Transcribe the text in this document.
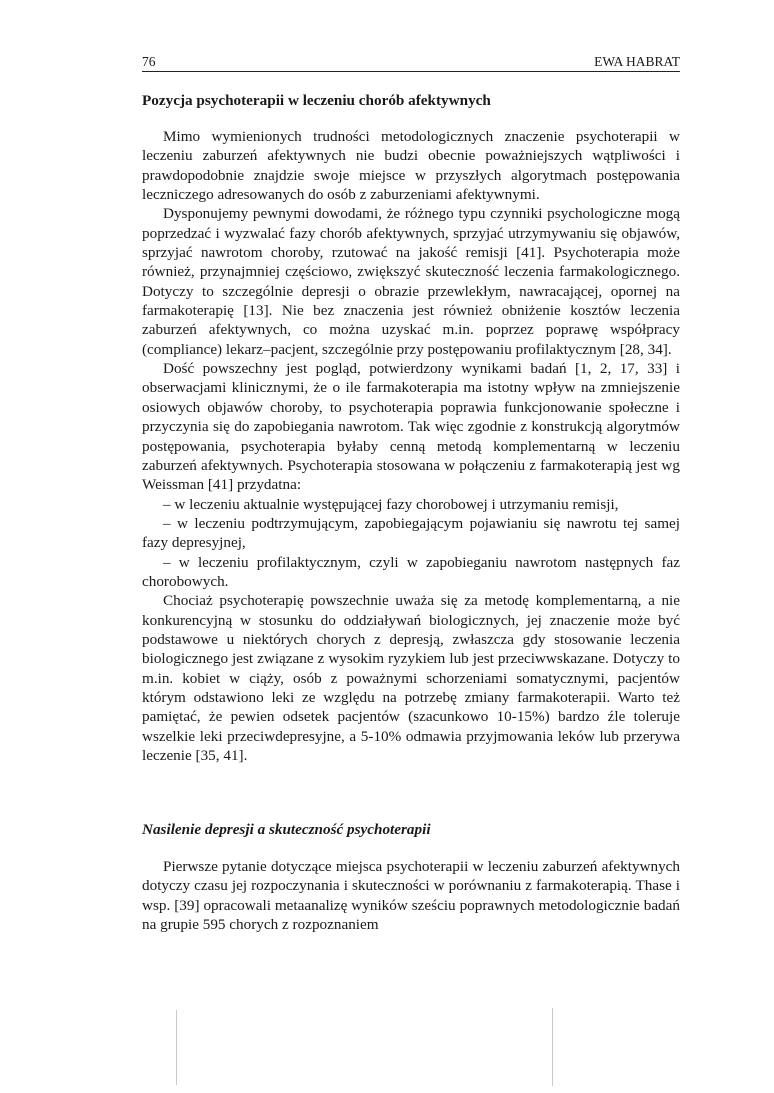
76	EWA HABRAT
Pozycja psychoterapii w leczeniu chorób afektywnych

Mimo wymienionych trudności metodologicznych znaczenie psychoterapii w leczeniu zaburzeń afektywnych nie budzi obecnie poważniejszych wątpliwości i prawdopodobnie znajdzie swoje miejsce w przyszłych algorytmach postępowania leczniczego adresowanych do osób z zaburzeniami afektywnymi.

Dysponujemy pewnymi dowodami, że różnego typu czynniki psychologiczne mogą poprzedzać i wyzwalać fazy chorób afektywnych, sprzyjać utrzymywaniu się objawów, sprzyjać nawrotom choroby, rzutować na jakość remisji [41]. Psychoterapia może również, przynajmniej częściowo, zwiększyć skuteczność leczenia farmakologicznego. Dotyczy to szczególnie depresji o obrazie przewlekłym, nawracającej, opornej na farmakoterapię [13]. Nie bez znaczenia jest również obniżenie kosztów leczenia zaburzeń afektywnych, co można uzyskać m.in. poprzez poprawę współpracy (compliance) lekarz–pacjent, szczególnie przy postępowaniu profilaktycznym [28, 34].

Dość powszechny jest pogląd, potwierdzony wynikami badań [1, 2, 17, 33] i obserwacjami klinicznymi, że o ile farmakoterapia ma istotny wpływ na zmniejszenie osiowych objawów choroby, to psychoterapia poprawia funkcjonowanie społeczne i przyczynia się do zapobiegania nawrotom. Tak więc zgodnie z konstrukcją algorytmów postępowania, psychoterapia byłaby cenną metodą komplementarną w leczeniu zaburzeń afektywnych. Psychoterapia stosowana w połączeniu z farmakoterapią jest wg Weissman [41] przydatna:

– w leczeniu aktualnie występującej fazy chorobowej i utrzymaniu remisji,

– w leczeniu podtrzymującym, zapobiegającym pojawianiu się nawrotu tej samej fazy depresyjnej,

– w leczeniu profilaktycznym, czyli w zapobieganiu nawrotom następnych faz chorobowych.

Chociaż psychoterapię powszechnie uważa się za metodę komplementarną, a nie konkurencyjną w stosunku do oddziaływań biologicznych, jej znaczenie może być podstawowe u niektórych chorych z depresją, zwłaszcza gdy stosowanie leczenia biologicznego jest związane z wysokim ryzykiem lub jest przeciwwskazane. Dotyczy to m.in. kobiet w ciąży, osób z poważnymi schorzeniami somatycznymi, pacjentów którym odstawiono leki ze względu na potrzebę zmiany farmakoterapii. Warto też pamiętać, że pewien odsetek pacjentów (szacunkowo 10-15%) bardzo źle toleruje wszelkie leki przeciwdepresyjne, a 5-10% odmawia przyjmowania leków lub przerywa leczenie [35, 41].

Nasilenie depresji a skuteczność psychoterapii

Pierwsze pytanie dotyczące miejsca psychoterapii w leczeniu zaburzeń afektywnych dotyczy czasu jej rozpoczynania i skuteczności w porównaniu z farmakoterapią. Thase i wsp. [39] opracowali metaanalizę wyników sześciu poprawnych metodologicznie badań na grupie 595 chorych z rozpoznaniem
